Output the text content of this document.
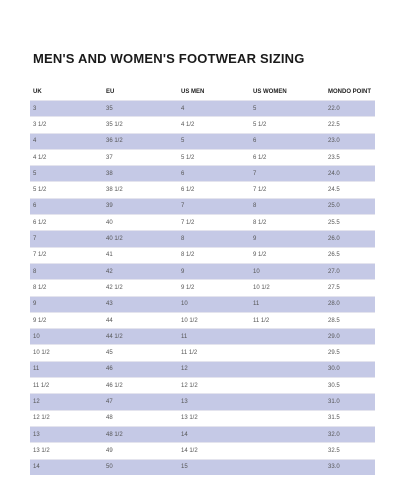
MEN'S AND WOMEN'S FOOTWEAR SIZING
UK	EU	US MEN	US WOMEN	MONDO POINT
3	35	4	5	22.0
3 1/2	35 1/2	4 1/2	5 1/2	22.5
4	36 1/2	5	6	23.0
4 1/2	37	5 1/2	6 1/2	23.5
5	38	6	7	24.0
5 1/2	38 1/2	6 1/2	7 1/2	24.5
6	39	7	8	25.0
6 1/2	40	7 1/2	8 1/2	25.5
7	40 1/2	8	9	26.0
7 1/2	41	8 1/2	9 1/2	26.5
8	42	9	10	27.0
8 1/2	42 1/2	9 1/2	10 1/2	27.5
9	43	10	11	28.0
9 1/2	44	10 1/2	11 1/2	28.5
10	44 1/2	11		29.0
10 1/2	45	11 1/2		29.5
11	46	12		30.0
11 1/2	46 1/2	12 1/2		30.5
12	47	13		31.0
12 1/2	48	13 1/2		31.5
13	48 1/2	14		32.0
13 1/2	49	14 1/2		32.5
14	50	15		33.0
